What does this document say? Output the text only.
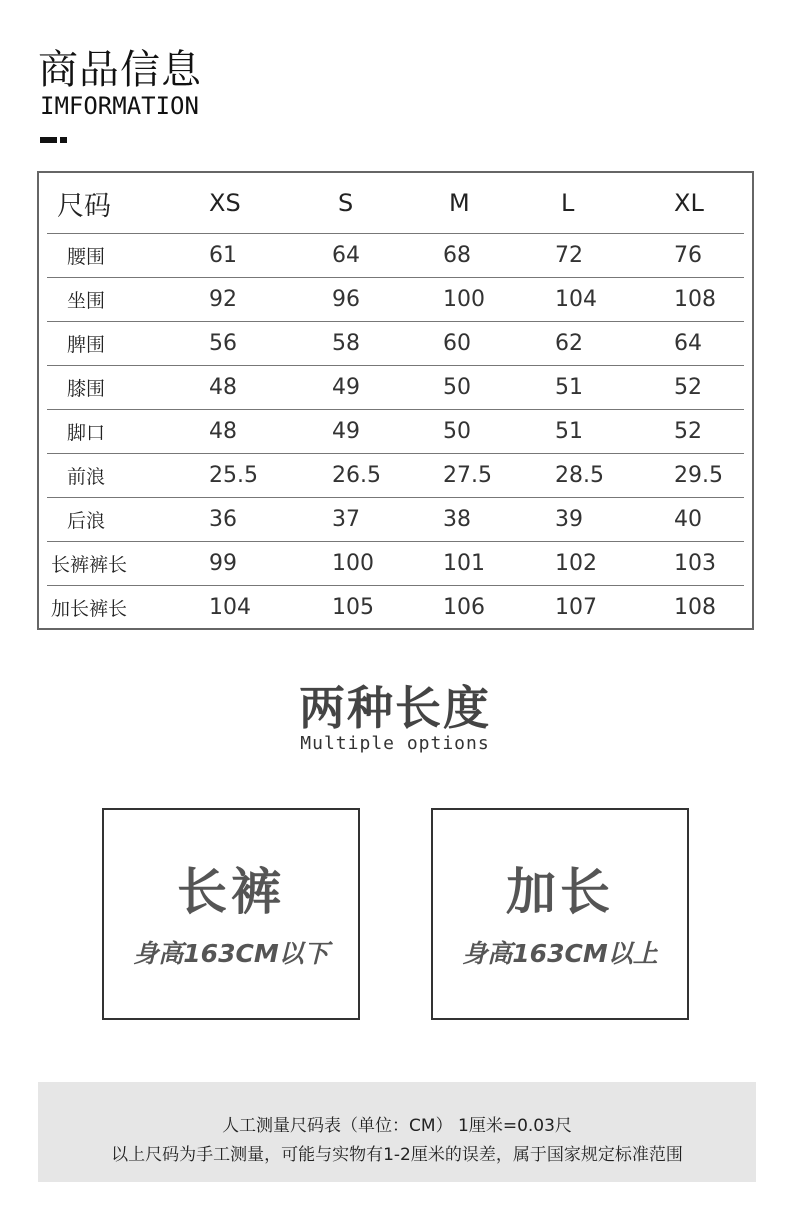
商品信息
IMFORMATION
尺码	XS	S	M	L	XL
腰围	61	64	68	72	76
坐围	92	96	100	104	108
脾围	56	58	60	62	64
膝围	48	49	50	51	52
脚口	48	49	50	51	52
前浪	25.5	26.5	27.5	28.5	29.5
后浪	36	37	38	39	40
长裤裤长	99	100	101	102	103
加长裤长	104	105	106	107	108
两种长度
Multiple options
长裤
身高163CM以下
加长
身高163CM以上
人工测量尺码表（单位：CM） 1厘米=0.03尺
以上尺码为手工测量，可能与实物有1-2厘米的误差，属于国家规定标准范围
